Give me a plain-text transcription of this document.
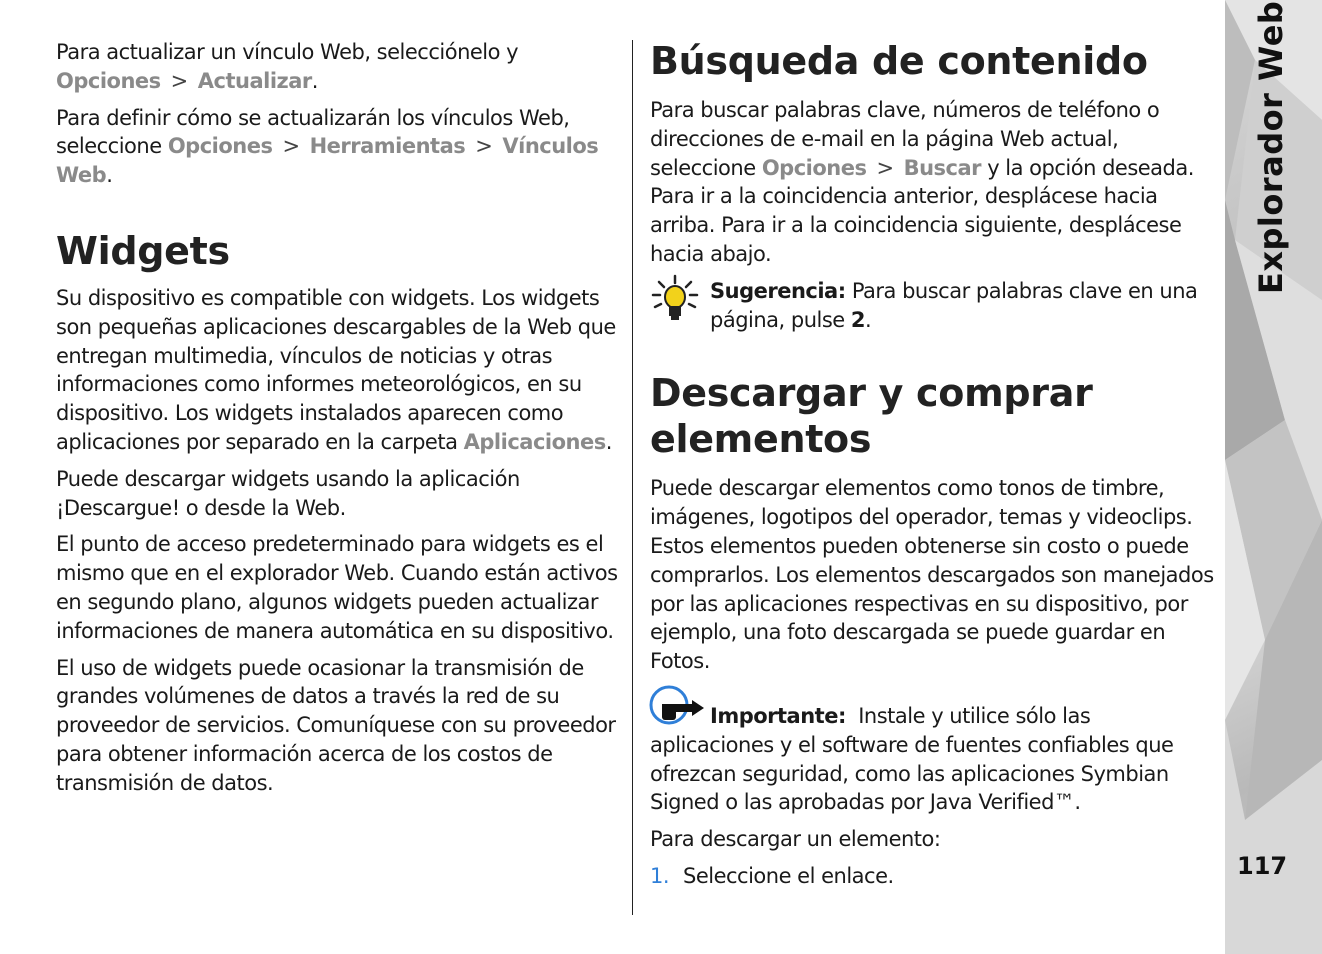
Para actualizar un vínculo Web, selecciónelo y
Opciones > Actualizar.

Para definir cómo se actualizarán los vínculos Web, seleccione Opciones > Herramientas > Vínculos Web.

Widgets

Su dispositivo es compatible con widgets. Los widgets son pequeñas aplicaciones descargables de la Web que entregan multimedia, vínculos de noticias y otras informaciones como informes meteorológicos, en su dispositivo. Los widgets instalados aparecen como aplicaciones por separado en la carpeta Aplicaciones.

Puede descargar widgets usando la aplicación ¡Descargue! o desde la Web.

El punto de acceso predeterminado para widgets es el mismo que en el explorador Web. Cuando están activos en segundo plano, algunos widgets pueden actualizar informaciones de manera automática en su dispositivo.

El uso de widgets puede ocasionar la transmisión de grandes volúmenes de datos a través la red de su proveedor de servicios. Comuníquese con su proveedor para obtener información acerca de los costos de transmisión de datos.

Búsqueda de contenido

Para buscar palabras clave, números de teléfono o direcciones de e-mail en la página Web actual, seleccione Opciones > Buscar y la opción deseada. Para ir a la coincidencia anterior, desplácese hacia arriba. Para ir a la coincidencia siguiente, desplácese hacia abajo.

Sugerencia: Para buscar palabras clave en una página, pulse 2.

Descargar y comprar elementos

Puede descargar elementos como tonos de timbre, imágenes, logotipos del operador, temas y videoclips. Estos elementos pueden obtenerse sin costo o puede comprarlos. Los elementos descargados son manejados por las aplicaciones respectivas en su dispositivo, por ejemplo, una foto descargada se puede guardar en Fotos.

Importante: Instale y utilice sólo las aplicaciones y el software de fuentes confiables que ofrezcan seguridad, como las aplicaciones Symbian Signed o las aprobadas por Java Verified™.

Para descargar un elemento:

1. Seleccione el enlace.
Explorador Web
117
